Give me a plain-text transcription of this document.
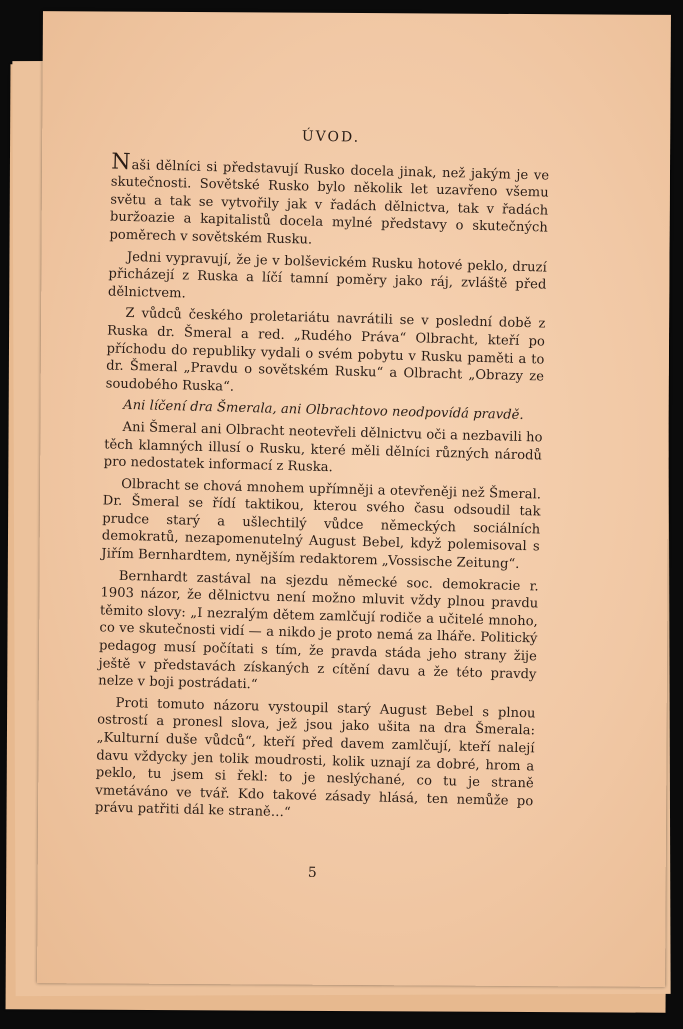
ÚVOD.

Naši dělníci si představují Rusko docela jinak, než jakým je ve skutečnosti. Sovětské Rusko bylo několik let uzavřeno všemu světu a tak se vytvořily jak v řadách dělnictva, tak v řadách buržoazie a kapitalistů docela mylné představy o skutečných poměrech v sovětském Rusku.

Jedni vypravují, že je v bolševickém Rusku hotové peklo, druzí přicházejí z Ruska a líčí tamní poměry jako ráj, zvláště před dělnictvem.

Z vůdců českého proletariátu navrátili se v poslední době z Ruska dr. Šmeral a red. „Rudého Práva“ Olbracht, kteří po příchodu do republiky vydali o svém pobytu v Rusku paměti a to dr. Šmeral „Pravdu o sovětském Rusku“ a Olbracht „Obrazy ze soudobého Ruska“.

Ani líčení dra Šmerala, ani Olbrachtovo neodpovídá pravdě.

Ani Šmeral ani Olbracht neotevřeli dělnictvu oči a nezbavili ho těch klamných illusí o Rusku, které měli dělníci různých národů pro nedostatek informací z Ruska.

Olbracht se chová mnohem upřímněji a otevřeněji než Šmeral. Dr. Šmeral se řídí taktikou, kterou svého času odsoudil tak prudce starý a ušlechtilý vůdce německých sociálních demokratů, nezapomenutelný August Bebel, když polemisoval s Jiřím Bernhardtem, nynějším redaktorem „Vossische Zeitung“.

Bernhardt zastával na sjezdu německé soc. demokracie r. 1903 názor, že dělnictvu není možno mluvit vždy plnou pravdu těmito slovy: „I nezralým dětem zamlčují rodiče a učitelé mnoho, co ve skutečnosti vidí — a nikdo je proto nemá za lháře. Politický pedagog musí počítati s tím, že pravda stáda jeho strany žije ještě v představách získaných z cítění davu a že této pravdy nelze v boji postrádati.“

Proti tomuto názoru vystoupil starý August Bebel s plnou ostrostí a pronesl slova, jež jsou jako ušita na dra Šmerala: „Kulturní duše vůdců“, kteří před davem zamlčují, kteří nalejí davu vždycky jen tolik moudrosti, kolik uznají za dobré, hrom a peklo, tu jsem si řekl: to je neslýchané, co tu je straně vmetáváno ve tvář. Kdo takové zásady hlásá, ten nemůže po právu patřiti dál ke straně…“

5
